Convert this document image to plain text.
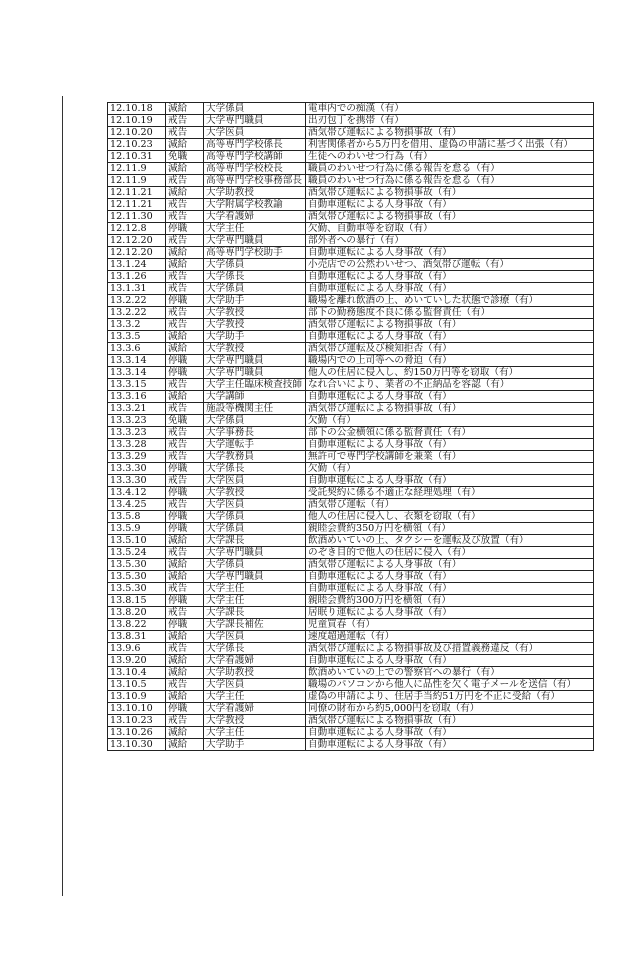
12.10.18	減給	大学係員	電車内での痴漢（有）
12.10.19	戒告	大学専門職員	出刃包丁を携帯（有）
12.10.20	戒告	大学医員	酒気帯び運転による物損事故（有）
12.10.23	減給	高等専門学校係長	利害関係者から5万円を借用、虚偽の申請に基づく出張（有）
12.10.31	免職	高等専門学校講師	生徒へのわいせつ行為（有）
12.11.9	減給	高等専門学校校長	職員のわいせつ行為に係る報告を怠る（有）
12.11.9	戒告	高等専門学校事務部長	職員のわいせつ行為に係る報告を怠る（有）
12.11.21	減給	大学助教授	酒気帯び運転による物損事故（有）
12.11.21	戒告	大学附属学校教諭	自動車運転による人身事故（有）
12.11.30	戒告	大学看護婦	酒気帯び運転による物損事故（有）
12.12.8	停職	大学主任	欠勤、自動車等を窃取（有）
12.12.20	戒告	大学専門職員	部外者への暴行（有）
12.12.20	減給	高等専門学校助手	自動車運転による人身事故（有）
13.1.24	減給	大学係員	小売店での公然わいせつ、酒気帯び運転（有）
13.1.26	戒告	大学係長	自動車運転による人身事故（有）
13.1.31	戒告	大学係員	自動車運転による人身事故（有）
13.2.22	停職	大学助手	職場を離れ飲酒の上、めいていした状態で診療（有）
13.2.22	戒告	大学教授	部下の勤務態度不良に係る監督責任（有）
13.3.2	戒告	大学教授	酒気帯び運転による物損事故（有）
13.3.5	減給	大学助手	自動車運転による人身事故（有）
13.3.6	減給	大学教授	酒気帯び運転及び検知拒否（有）
13.3.14	停職	大学専門職員	職場内での上司等への脅迫（有）
13.3.14	停職	大学専門職員	他人の住居に侵入し、約150万円等を窃取（有）
13.3.15	戒告	大学主任臨床検査技師	なれ合いにより、業者の不正納品を容認（有）
13.3.16	減給	大学講師	自動車運転による人身事故（有）
13.3.21	戒告	施設等機関主任	酒気帯び運転による物損事故（有）
13.3.23	免職	大学係員	欠勤（有）
13.3.23	戒告	大学事務長	部下の公金横領に係る監督責任（有）
13.3.28	戒告	大学運転手	自動車運転による人身事故（有）
13.3.29	戒告	大学教務員	無許可で専門学校講師を兼業（有）
13.3.30	停職	大学係長	欠勤（有）
13.3.30	戒告	大学医員	自動車運転による人身事故（有）
13.4.12	停職	大学教授	受託契約に係る不適正な経理処理（有）
13.4.25	戒告	大学医員	酒気帯び運転（有）
13.5.8	停職	大学係員	他人の住居に侵入し、衣類を窃取（有）
13.5.9	停職	大学係員	親睦会費約350万円を横領（有）
13.5.10	減給	大学課長	飲酒めいていの上、タクシーを運転及び放置（有）
13.5.24	戒告	大学専門職員	のぞき目的で他人の住居に侵入（有）
13.5.30	減給	大学係員	酒気帯び運転による人身事故（有）
13.5.30	減給	大学専門職員	自動車運転による人身事故（有）
13.5.30	戒告	大学主任	自動車運転による人身事故（有）
13.8.15	停職	大学主任	親睦会費約300万円を横領（有）
13.8.20	戒告	大学課長	居眠り運転による人身事故（有）
13.8.22	停職	大学課長補佐	児童買春（有）
13.8.31	減給	大学医員	速度超過運転（有）
13.9.6	戒告	大学係長	酒気帯び運転による物損事故及び措置義務違反（有）
13.9.20	減給	大学看護婦	自動車運転による人身事故（有）
13.10.4	減給	大学助教授	飲酒めいていの上での警察官への暴行（有）
13.10.5	戒告	大学医員	職場のパソコンから他人に品性を欠く電子メールを送信（有）
13.10.9	減給	大学主任	虚偽の申請により、住居手当約51万円を不正に受給（有）
13.10.10	停職	大学看護婦	同僚の財布から約5,000円を窃取（有）
13.10.23	戒告	大学教授	酒気帯び運転による物損事故（有）
13.10.26	減給	大学主任	自動車運転による人身事故（有）
13.10.30	減給	大学助手	自動車運転による人身事故（有）
